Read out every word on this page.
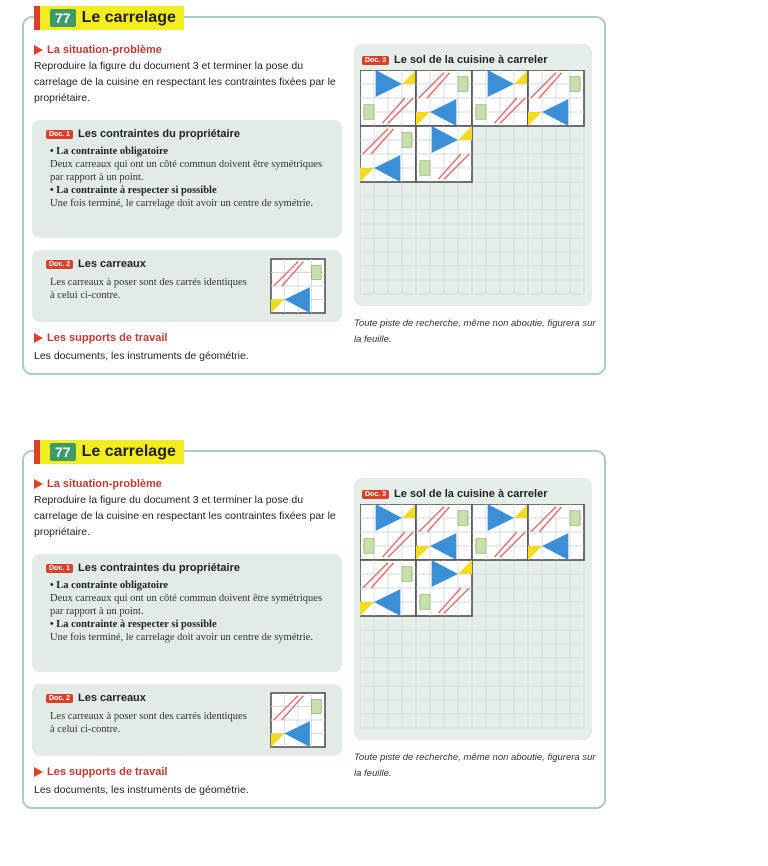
La situation-problème
Reproduire la figure du document 3 et terminer la pose du carrelage de la cuisine en respectant les contraintes fixées par le propriétaire.
Doc. 1 Les contraintes du propriétaire
• La contrainte obligatoire
Deux carreaux qui ont un côté commun doivent être symétriques par rapport à un point.
• La contrainte à respecter si possible
Une fois terminé, le carrelage doit avoir un centre de symétrie.
Doc. 2 Les carreaux
Les carreaux à poser sont des carrés identiques à celui ci-contre.
Les supports de travail
Les documents, les instruments de géométrie.
Doc. 3 Le sol de la cuisine à carreler
Toute piste de recherche, même non aboutie, figurera sur la feuille.
77 Le carrelage
La situation-problème
Reproduire la figure du document 3 et terminer la pose du carrelage de la cuisine en respectant les contraintes fixées par le propriétaire.
Doc. 1 Les contraintes du propriétaire
• La contrainte obligatoire
Deux carreaux qui ont un côté commun doivent être symétriques par rapport à un point.
• La contrainte à respecter si possible
Une fois terminé, le carrelage doit avoir un centre de symétrie.
Doc. 2 Les carreaux
Les carreaux à poser sont des carrés identiques à celui ci-contre.
Les supports de travail
Les documents, les instruments de géométrie.
Doc. 3 Le sol de la cuisine à carreler
Toute piste de recherche, même non aboutie, figurera sur la feuille.
77 Le carrelage
